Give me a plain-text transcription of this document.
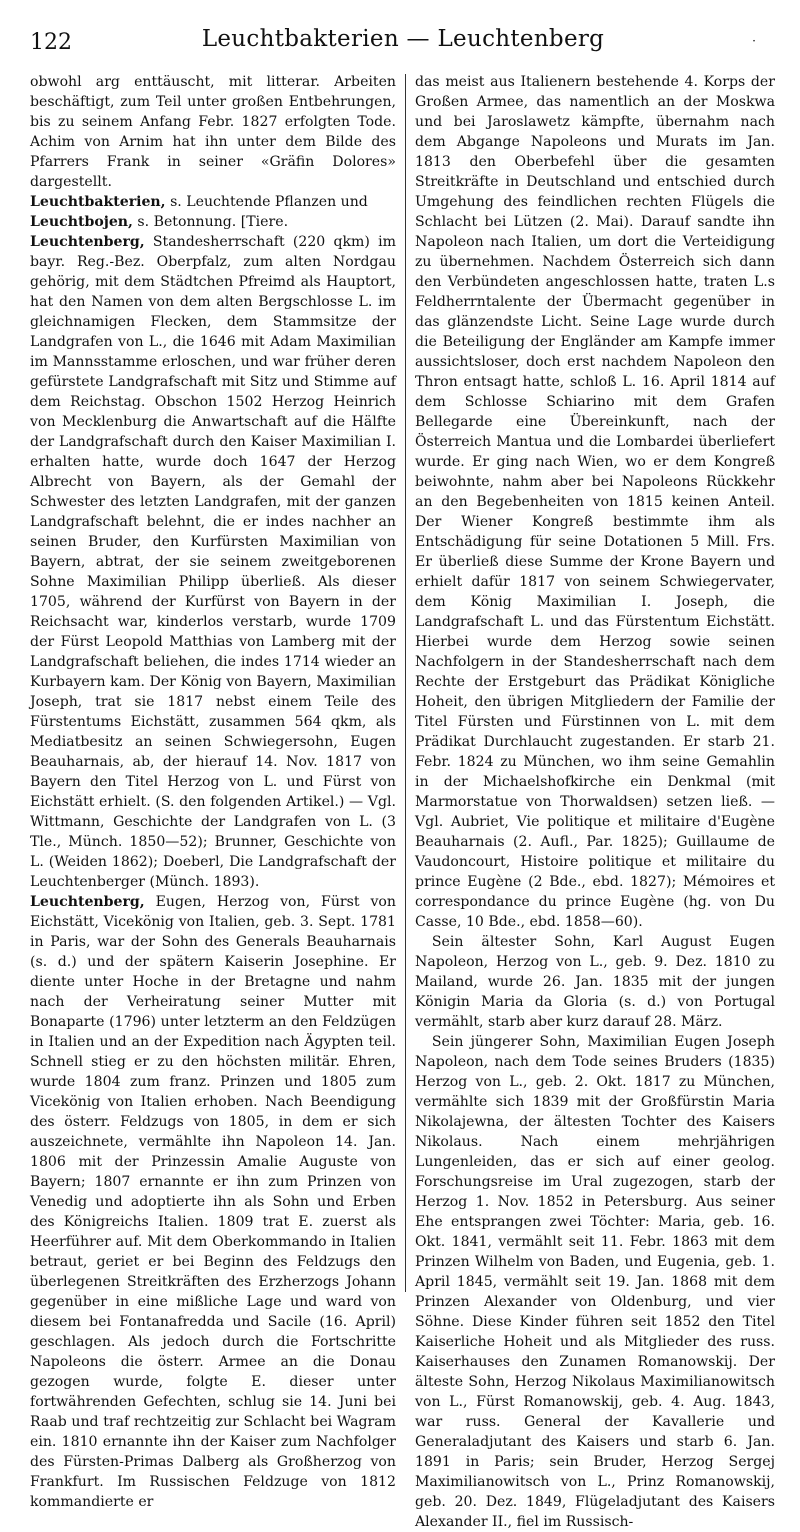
122	Leuchtbakterien — Leuchtenberg	·

obwohl arg enttäuscht, mit litterar. Arbeiten beschäftigt, zum Teil unter großen Entbehrungen, bis zu seinem Anfang Febr. 1827 erfolgten Tode. Achim von Arnim hat ihn unter dem Bilde des Pfarrers Frank in seiner «Gräfin Dolores» dargestellt.

Leuchtbakterien, s. Leuchtende Pflanzen und

Leuchtbojen, s. Betonnung. [Tiere.

Leuchtenberg, Standesherrschaft (220 qkm) im bayr. Reg.-Bez. Oberpfalz, zum alten Nordgau gehörig, mit dem Städtchen Pfreimd als Hauptort, hat den Namen von dem alten Bergschlosse L. im gleichnamigen Flecken, dem Stammsitze der Landgrafen von L., die 1646 mit Adam Maximilian im Mannsstamme erloschen, und war früher deren gefürstete Landgrafschaft mit Sitz und Stimme auf dem Reichstag. Obschon 1502 Herzog Heinrich von Mecklenburg die Anwartschaft auf die Hälfte der Landgrafschaft durch den Kaiser Maximilian I. erhalten hatte, wurde doch 1647 der Herzog Albrecht von Bayern, als der Gemahl der Schwester des letzten Landgrafen, mit der ganzen Landgrafschaft belehnt, die er indes nachher an seinen Bruder, den Kurfürsten Maximilian von Bayern, abtrat, der sie seinem zweitgeborenen Sohne Maximilian Philipp überließ. Als dieser 1705, während der Kurfürst von Bayern in der Reichsacht war, kinderlos verstarb, wurde 1709 der Fürst Leopold Matthias von Lamberg mit der Landgrafschaft beliehen, die indes 1714 wieder an Kurbayern kam. Der König von Bayern, Maximilian Joseph, trat sie 1817 nebst einem Teile des Fürstentums Eichstätt, zusammen 564 qkm, als Mediatbesitz an seinen Schwiegersohn, Eugen Beauharnais, ab, der hierauf 14. Nov. 1817 von Bayern den Titel Herzog von L. und Fürst von Eichstätt erhielt. (S. den folgenden Artikel.) — Vgl. Wittmann, Geschichte der Landgrafen von L. (3 Tle., Münch. 1850—52); Brunner, Geschichte von L. (Weiden 1862); Doeberl, Die Landgrafschaft der Leuchtenberger (Münch. 1893).

Leuchtenberg, Eugen, Herzog von, Fürst von Eichstätt, Vicekönig von Italien, geb. 3. Sept. 1781 in Paris, war der Sohn des Generals Beauharnais (s. d.) und der spätern Kaiserin Josephine. Er diente unter Hoche in der Bretagne und nahm nach der Verheiratung seiner Mutter mit Bonaparte (1796) unter letzterm an den Feldzügen in Italien und an der Expedition nach Ägypten teil. Schnell stieg er zu den höchsten militär. Ehren, wurde 1804 zum franz. Prinzen und 1805 zum Vicekönig von Italien erhoben. Nach Beendigung des österr. Feldzugs von 1805, in dem er sich auszeichnete, vermählte ihn Napoleon 14. Jan. 1806 mit der Prinzessin Amalie Auguste von Bayern; 1807 ernannte er ihn zum Prinzen von Venedig und adoptierte ihn als Sohn und Erben des Königreichs Italien. 1809 trat E. zuerst als Heerführer auf. Mit dem Oberkommando in Italien betraut, geriet er bei Beginn des Feldzugs den überlegenen Streitkräften des Erzherzogs Johann gegenüber in eine mißliche Lage und ward von diesem bei Fontanafredda und Sacile (16. April) geschlagen. Als jedoch durch die Fortschritte Napoleons die österr. Armee an die Donau gezogen wurde, folgte E. dieser unter fortwährenden Gefechten, schlug sie 14. Juni bei Raab und traf rechtzeitig zur Schlacht bei Wagram ein. 1810 ernannte ihn der Kaiser zum Nachfolger des Fürsten-Primas Dalberg als Großherzog von Frankfurt. Im Russischen Feldzuge von 1812 kommandierte er

das meist aus Italienern bestehende 4. Korps der Großen Armee, das namentlich an der Moskwa und bei Jaroslawetz kämpfte, übernahm nach dem Abgange Napoleons und Murats im Jan. 1813 den Oberbefehl über die gesamten Streitkräfte in Deutschland und entschied durch Umgehung des feindlichen rechten Flügels die Schlacht bei Lützen (2. Mai). Darauf sandte ihn Napoleon nach Italien, um dort die Verteidigung zu übernehmen. Nachdem Österreich sich dann den Verbündeten angeschlossen hatte, traten L.s Feldherrntalente der Übermacht gegenüber in das glänzendste Licht. Seine Lage wurde durch die Beteiligung der Engländer am Kampfe immer aussichtsloser, doch erst nachdem Napoleon den Thron entsagt hatte, schloß L. 16. April 1814 auf dem Schlosse Schiarino mit dem Grafen Bellegarde eine Übereinkunft, nach der Österreich Mantua und die Lombardei überliefert wurde. Er ging nach Wien, wo er dem Kongreß beiwohnte, nahm aber bei Napoleons Rückkehr an den Begebenheiten von 1815 keinen Anteil. Der Wiener Kongreß bestimmte ihm als Entschädigung für seine Dotationen 5 Mill. Frs. Er überließ diese Summe der Krone Bayern und erhielt dafür 1817 von seinem Schwiegervater, dem König Maximilian I. Joseph, die Landgrafschaft L. und das Fürstentum Eichstätt. Hierbei wurde dem Herzog sowie seinen Nachfolgern in der Standesherrschaft nach dem Rechte der Erstgeburt das Prädikat Königliche Hoheit, den übrigen Mitgliedern der Familie der Titel Fürsten und Fürstinnen von L. mit dem Prädikat Durchlaucht zugestanden. Er starb 21. Febr. 1824 zu München, wo ihm seine Gemahlin in der Michaelshofkirche ein Denkmal (mit Marmorstatue von Thorwaldsen) setzen ließ. — Vgl. Aubriet, Vie politique et militaire d'Eugène Beauharnais (2. Aufl., Par. 1825); Guillaume de Vaudoncourt, Histoire politique et militaire du prince Eugène (2 Bde., ebd. 1827); Mémoires et correspondance du prince Eugène (hg. von Du Casse, 10 Bde., ebd. 1858—60).

Sein ältester Sohn, Karl August Eugen Napoleon, Herzog von L., geb. 9. Dez. 1810 zu Mailand, wurde 26. Jan. 1835 mit der jungen Königin Maria da Gloria (s. d.) von Portugal vermählt, starb aber kurz darauf 28. März.

Sein jüngerer Sohn, Maximilian Eugen Joseph Napoleon, nach dem Tode seines Bruders (1835) Herzog von L., geb. 2. Okt. 1817 zu München, vermählte sich 1839 mit der Großfürstin Maria Nikolajewna, der ältesten Tochter des Kaisers Nikolaus. Nach einem mehrjährigen Lungenleiden, das er sich auf einer geolog. Forschungsreise im Ural zugezogen, starb der Herzog 1. Nov. 1852 in Petersburg. Aus seiner Ehe entsprangen zwei Töchter: Maria, geb. 16. Okt. 1841, vermählt seit 11. Febr. 1863 mit dem Prinzen Wilhelm von Baden, und Eugenia, geb. 1. April 1845, vermählt seit 19. Jan. 1868 mit dem Prinzen Alexander von Oldenburg, und vier Söhne. Diese Kinder führen seit 1852 den Titel Kaiserliche Hoheit und als Mitglieder des russ. Kaiserhauses den Zunamen Romanowskij. Der älteste Sohn, Herzog Nikolaus Maximilianowitsch von L., Fürst Romanowskij, geb. 4. Aug. 1843, war russ. General der Kavallerie und Generaladjutant des Kaisers und starb 6. Jan. 1891 in Paris; sein Bruder, Herzog Sergej Maximilianowitsch von L., Prinz Romanowskij, geb. 20. Dez. 1849, Flügeladjutant des Kaisers Alexander II., fiel im Russisch-
